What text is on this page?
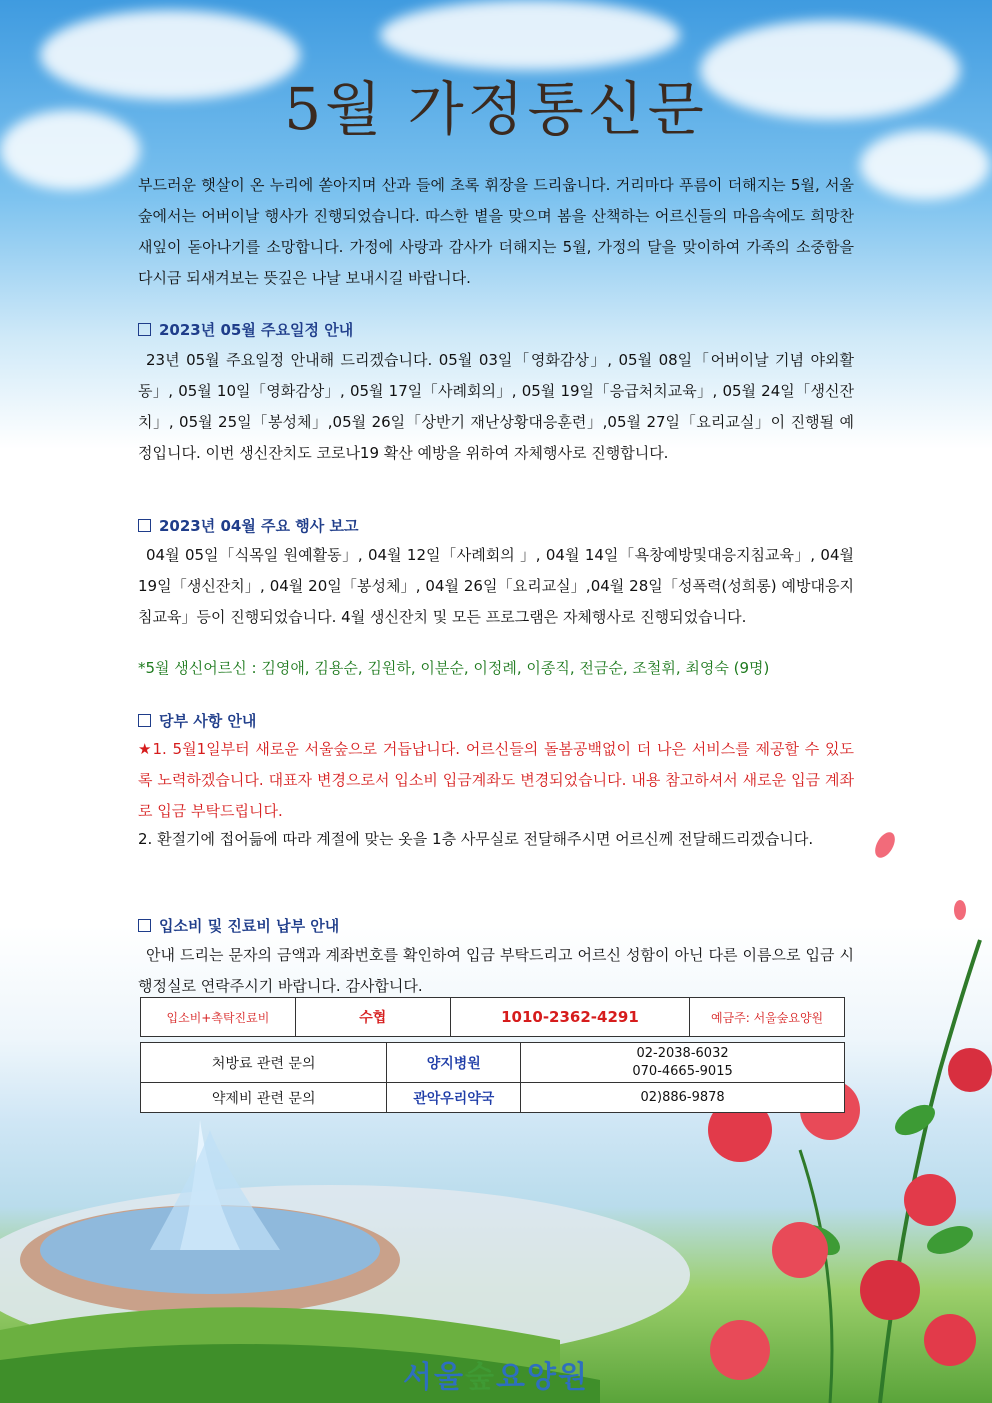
5월 가정통신문
부드러운 햇살이 온 누리에 쏟아지며 산과 들에 초록 휘장을 드리웁니다. 거리마다 푸름이 더해지는 5월, 서울숲에서는 어버이날 행사가 진행되었습니다. 따스한 볕을 맞으며 봄을 산책하는 어르신들의 마음속에도 희망찬 새잎이 돋아나기를 소망합니다. 가정에 사랑과 감사가 더해지는 5월, 가정의 달을 맞이하여 가족의 소중함을 다시금 되새겨보는 뜻깊은 나날 보내시길 바랍니다.
2023년 05월 주요일정 안내
23년 05월 주요일정 안내해 드리겠습니다. 05월 03일「영화감상」, 05월 08일「어버이날 기념 야외활동」, 05월 10일「영화감상」, 05월 17일「사례회의」, 05월 19일「응급처치교육」, 05월 24일「생신잔치」, 05월 25일「봉성체」,05월 26일「상반기 재난상황대응훈련」,05월 27일「요리교실」이 진행될 예정입니다. 이번 생신잔치도 코로나19 확산 예방을 위하여 자체행사로 진행합니다.
2023년 04월 주요 행사 보고
04월 05일「식목일 원예활동」, 04월 12일「사례회의 」, 04월 14일「욕창예방및대응지침교육」, 04월 19일「생신잔치」, 04월 20일「봉성체」, 04월 26일「요리교실」,04월 28일「성폭력(성희롱) 예방대응지침교육」등이 진행되었습니다. 4월 생신잔치 및 모든 프로그램은 자체행사로 진행되었습니다.
*5월 생신어르신 : 김영애, 김용순, 김원하, 이분순, 이정례, 이종직, 전금순, 조철휘, 최영숙 (9명)
당부 사항 안내
★1. 5월1일부터 새로운 서울숲으로 거듭납니다. 어르신들의 돌봄공백없이 더 나은 서비스를 제공할 수 있도록 노력하겠습니다. 대표자 변경으로서 입소비 입금계좌도 변경되었습니다. 내용 참고하셔서 새로운 입금 계좌로 입금 부탁드립니다.
2. 환절기에 접어듦에 따라 계절에 맞는 옷을 1층 사무실로 전달해주시면 어르신께 전달해드리겠습니다.
입소비 및 진료비 납부 안내
안내 드리는 문자의 금액과 계좌번호를 확인하여 입금 부탁드리고 어르신 성함이 아닌 다른 이름으로 입금 시 행정실로 연락주시기 바랍니다. 감사합니다.
입소비+촉탁진료비	수협	1010-2362-4291	예금주: 서울숲요양원
처방료 관련 문의	양지병원	02-2038-6032
070-4665-9015

약제비 관련 문의	관악우리약국	02)886-9878
서울숲요양원
